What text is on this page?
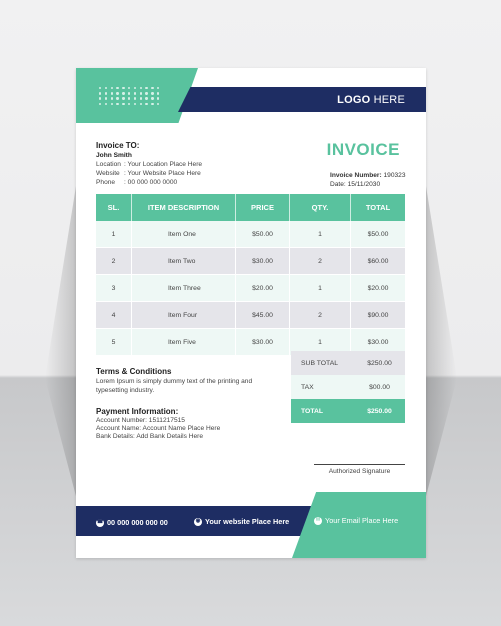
LOGO HERE
Invoice TO:
John Smith
Location : Your Location Place Here
Website : Your Website Place Here
Phone	: 00 000 000 0000
INVOICE
Invoice Number: 190323
Date: 15/11/2030
SL.	ITEM DESCRIPTION	PRICE	QTY.	TOTAL
1	Item One	$50.00	1	$50.00
2	Item Two	$30.00	2	$60.00
3	Item Three	$20.00	1	$20.00
4	Item Four	$45.00	2	$90.00
5	Item Five	$30.00	1	$30.00
SUB TOTAL	$250.00
TAX	$00.00
TOTAL	$250.00
Terms & Conditions
Lorem Ipsum is simply dummy text of the printing and typesetting industry.
Payment Information:
Account Number: 1511217515
Account Name: Account Name Place Here
Bank Details: Add Bank Details Here
Authorized Signature
☎ 00 000 000 000 00	◉ Your website Place Here	✉ Your Email Place Here
